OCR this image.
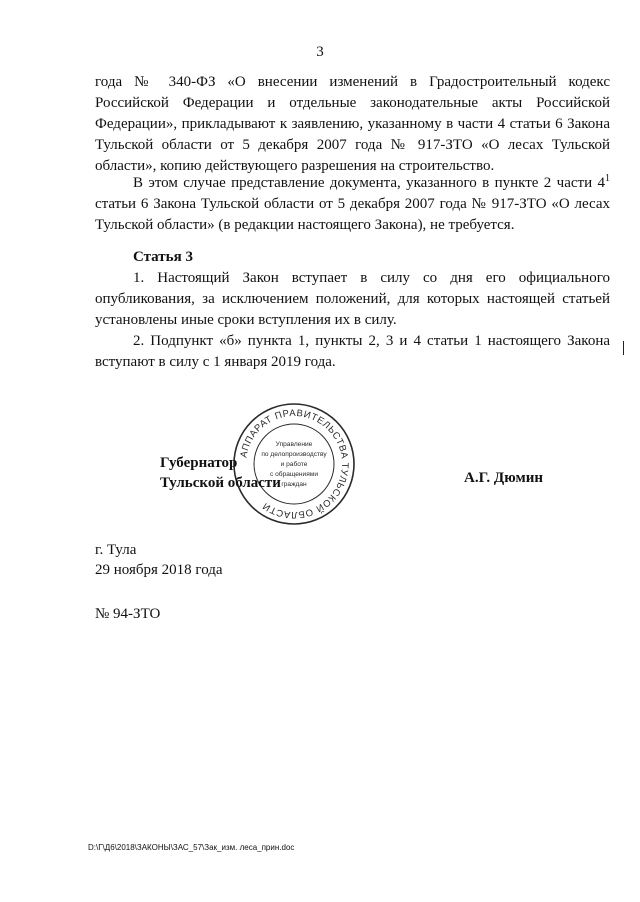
3

года № 340-ФЗ «О внесении изменений в Градостроительный кодекс Российской Федерации и отдельные законодательные акты Российской Федерации», прикладывают к заявлению, указанному в части 4 статьи 6 Закона Тульской области от 5 декабря 2007 года № 917-ЗТО «О лесах Тульской области», копию действующего разрешения на строительство.

В этом случае представление документа, указанного в пункте 2 части $4^1$ статьи 6 Закона Тульской области от 5 декабря 2007 года № 917-ЗТО «О лесах Тульской области» (в редакции настоящего Закона), не требуется.

Статья 3

1. Настоящий Закон вступает в силу со дня его официального опубликования, за исключением положений, для которых настоящей статьей установлены иные сроки вступления их в силу.

2. Подпункт «б» пункта 1, пункты 2, 3 и 4 статьи 1 настоящего Закона вступают в силу с 1 января 2019 года.

АППАРАТ ПРАВИТЕЛЬСТВА ТУЛЬСКОЙ ОБЛАСТИ
Управление
по делопроизводству
и работе
с обращениями
граждан
Губернатор
Тульской области	А.Г. Дюмин
г. Тула
29 ноября 2018 года
№ 94-ЗТО
D:\Г\Д6\2018\ЗАКОНЫ\ЗАС_57\Зак_изм. леса_прин.doc
